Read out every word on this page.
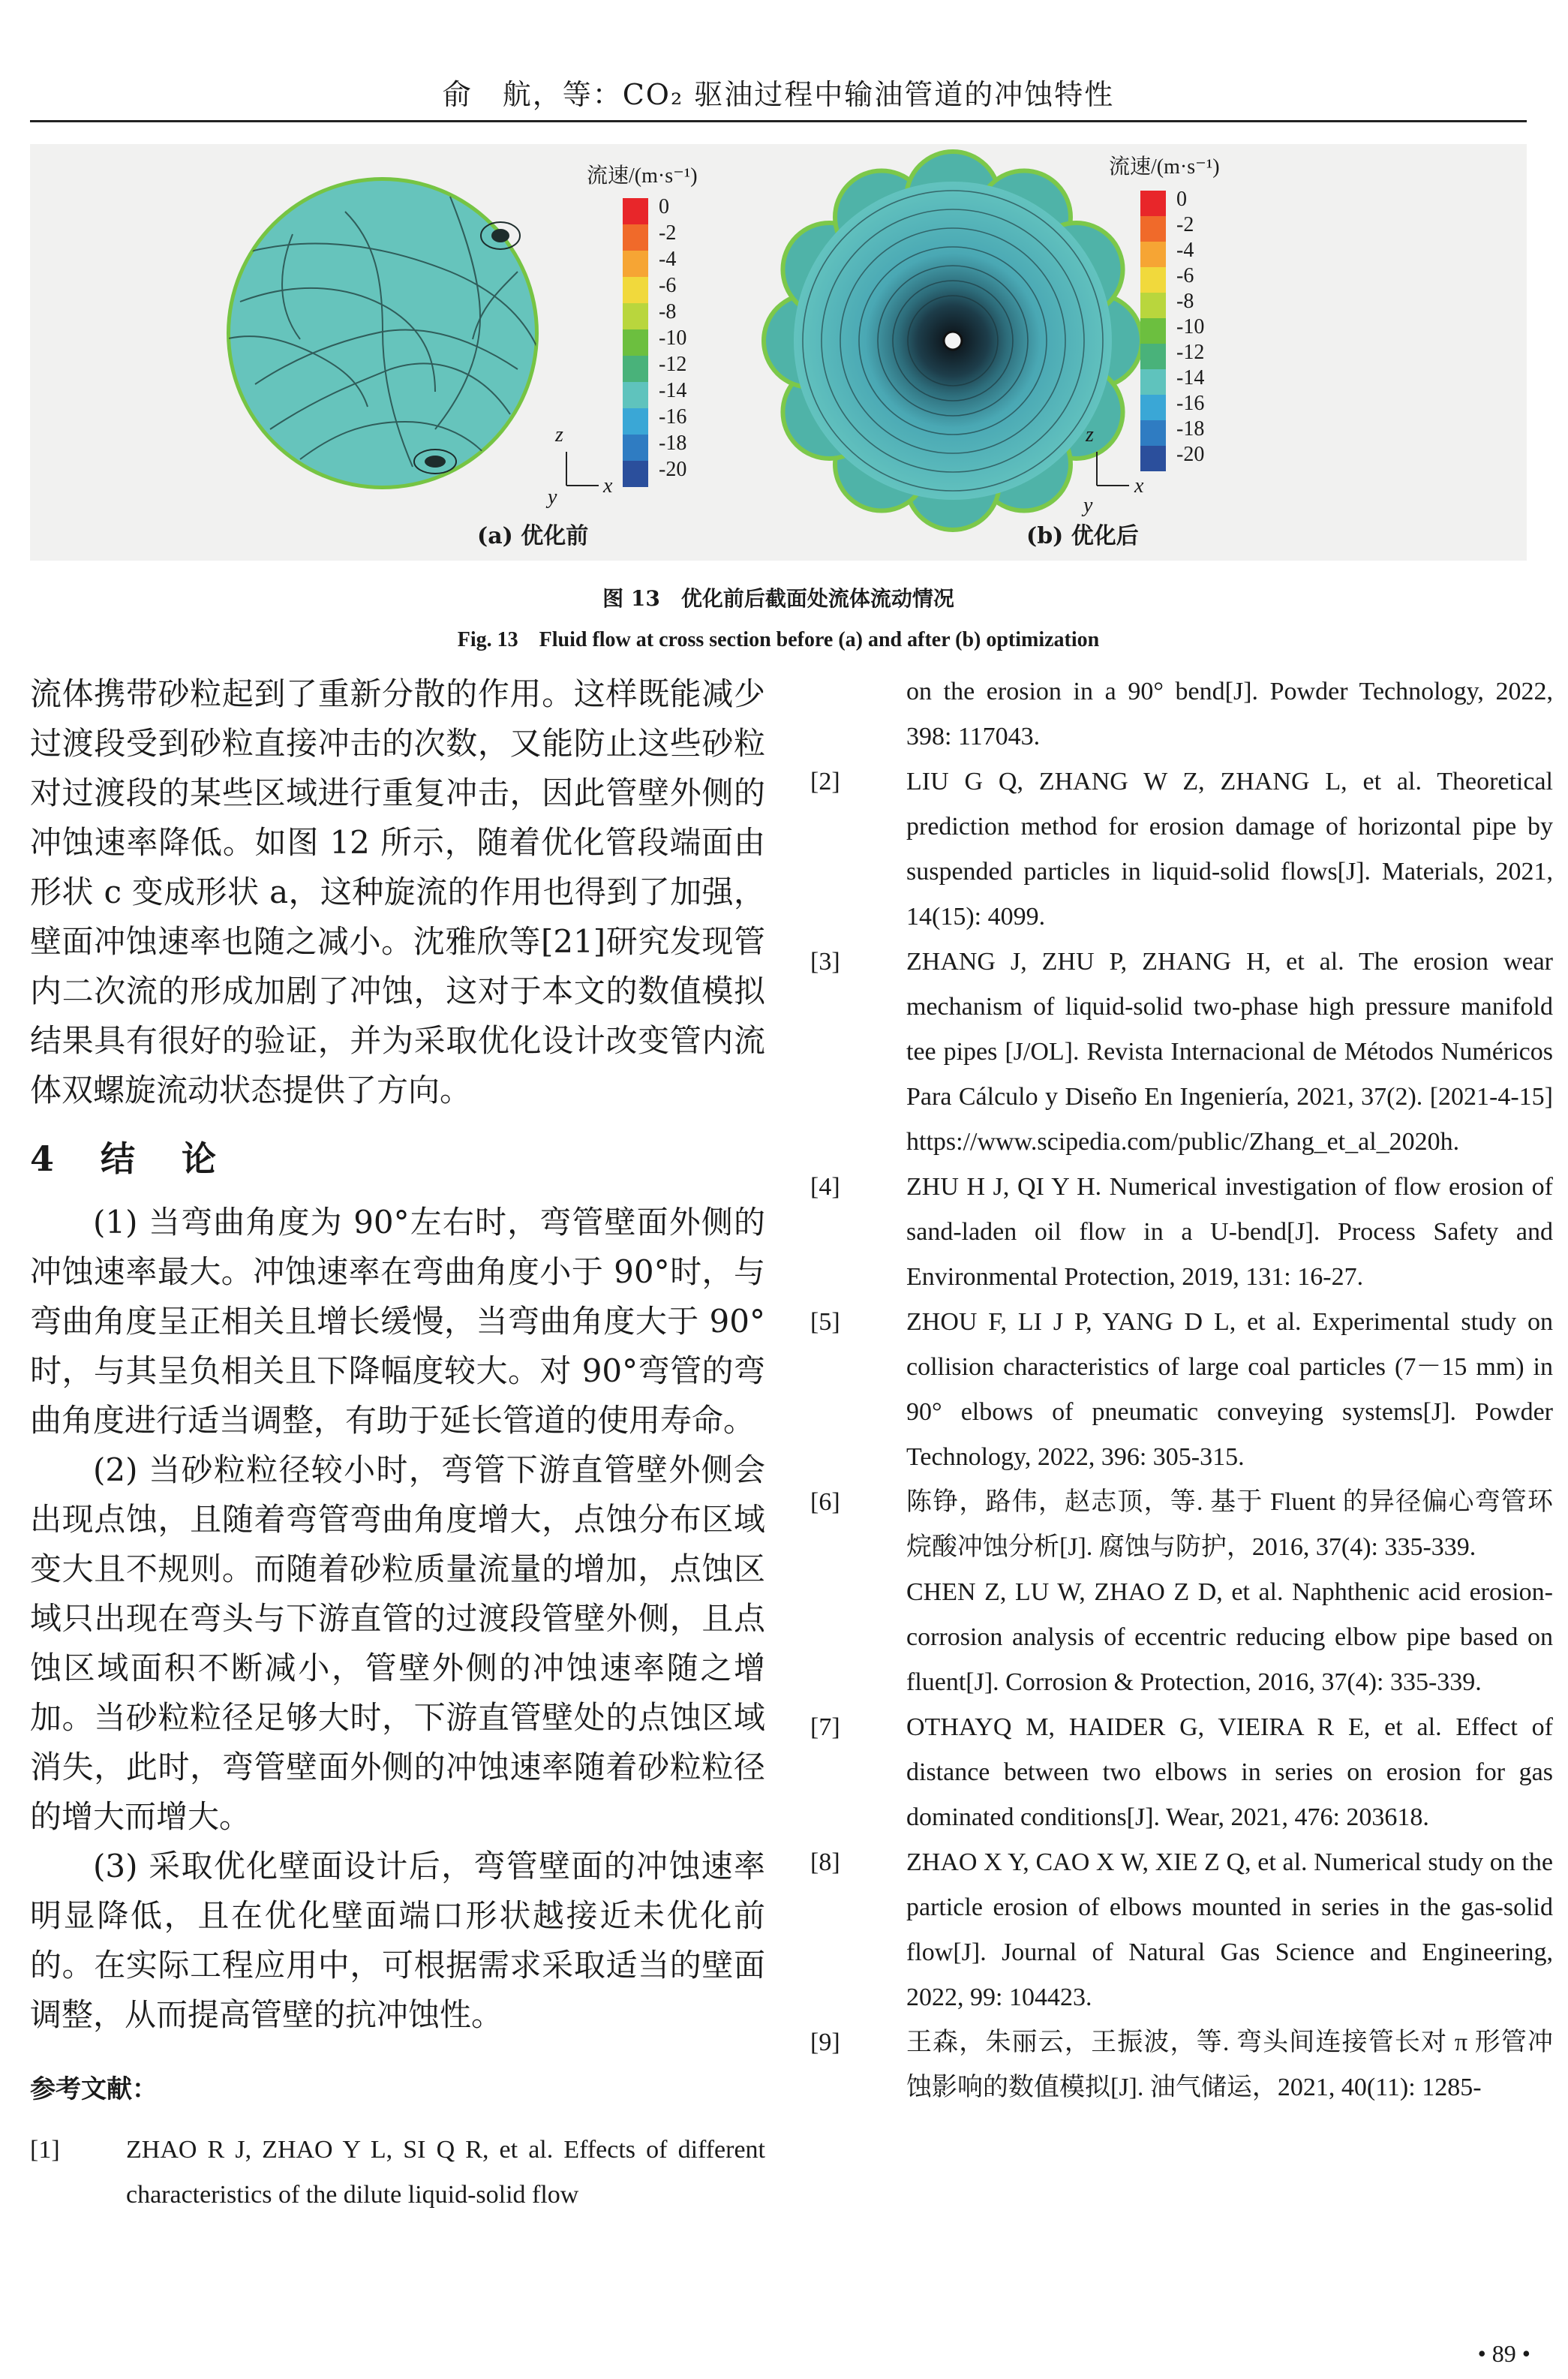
俞　航，等：CO₂ 驱油过程中输油管道的冲蚀特性
流速/(m·s⁻¹)	流速/(m·s⁻¹)
0
-2
-4
-6
-8
-10
-12
-14
-16
-18
-20
0
-2
-4
-6
-8
-10
-12
-14
-16
-18
-20
z
y x
z
y
x
(a) 优化前	(b) 优化后
图 13　优化前后截面处流体流动情况
Fig. 13　Fluid flow at cross section before (a) and after (b) optimization

流体携带砂粒起到了重新分散的作用。这样既能减少过渡段受到砂粒直接冲击的次数，又能防止这些砂粒对过渡段的某些区域进行重复冲击，因此管壁外侧的冲蚀速率降低。如图 12 所示，随着优化管段端面由形状 c 变成形状 a，这种旋流的作用也得到了加强，壁面冲蚀速率也随之减小。沈雅欣等[21]研究发现管内二次流的形成加剧了冲蚀，这对于本文的数值模拟结果具有很好的验证，并为采取优化设计改变管内流体双螺旋流动状态提供了方向。

4　结　论

(1) 当弯曲角度为 90°左右时，弯管壁面外侧的冲蚀速率最大。冲蚀速率在弯曲角度小于 90°时，与弯曲角度呈正相关且增长缓慢，当弯曲角度大于 90°时，与其呈负相关且下降幅度较大。对 90°弯管的弯曲角度进行适当调整，有助于延长管道的使用寿命。

(2) 当砂粒粒径较小时，弯管下游直管壁外侧会出现点蚀，且随着弯管弯曲角度增大，点蚀分布区域变大且不规则。而随着砂粒质量流量的增加，点蚀区域只出现在弯头与下游直管的过渡段管壁外侧，且点蚀区域面积不断减小，管壁外侧的冲蚀速率随之增加。当砂粒粒径足够大时，下游直管壁处的点蚀区域消失，此时，弯管壁面外侧的冲蚀速率随着砂粒粒径的增大而增大。

(3) 采取优化壁面设计后，弯管壁面的冲蚀速率明显降低，且在优化壁面端口形状越接近未优化前的。在实际工程应用中，可根据需求采取适当的壁面调整，从而提高管壁的抗冲蚀性。

参考文献：
[1]	ZHAO R J, ZHAO Y L, SI Q R, et al. Effects of different characteristics of the dilute liquid-solid flow
on the erosion in a 90° bend[J]. Powder Technology, 2022, 398: 117043.
[2]	LIU G Q, ZHANG W Z, ZHANG L, et al. Theoretical prediction method for erosion damage of horizontal pipe by suspended particles in liquid-solid flows[J]. Materials, 2021, 14(15): 4099.
[3]	ZHANG J, ZHU P, ZHANG H, et al. The erosion wear mechanism of liquid-solid two-phase high pressure manifold tee pipes [J/OL]. Revista Internacional de Métodos Numéricos Para Cálculo y Diseño En Ingeniería, 2021, 37(2). [2021-4-15] https://www.scipedia.com/public/Zhang_et_al_2020h.
[4]	ZHU H J, QI Y H. Numerical investigation of flow erosion of sand-laden oil flow in a U-bend[J]. Process Safety and Environmental Protection, 2019, 131: 16-27.
[5]	ZHOU F, LI J P, YANG D L, et al. Experimental study on collision characteristics of large coal particles (7－15 mm) in 90° elbows of pneumatic conveying systems[J]. Powder Technology, 2022, 396: 305-315.
[6]	陈铮，路伟，赵志顶，等. 基于 Fluent 的异径偏心弯管环烷酸冲蚀分析[J]. 腐蚀与防护，2016, 37(4): 335-339.
CHEN Z, LU W, ZHAO Z D, et al. Naphthenic acid erosion-corrosion analysis of eccentric reducing elbow pipe based on fluent[J]. Corrosion & Protection, 2016, 37(4): 335-339.
[7]	OTHAYQ M, HAIDER G, VIEIRA R E, et al. Effect of distance between two elbows in series on erosion for gas dominated conditions[J]. Wear, 2021, 476: 203618.
[8]	ZHAO X Y, CAO X W, XIE Z Q, et al. Numerical study on the particle erosion of elbows mounted in series in the gas-solid flow[J]. Journal of Natural Gas Science and Engineering, 2022, 99: 104423.
[9]	王森，朱丽云，王振波，等. 弯头间连接管长对 π 形管冲蚀影响的数值模拟[J]. 油气储运，2021, 40(11): 1285-
• 89 •
